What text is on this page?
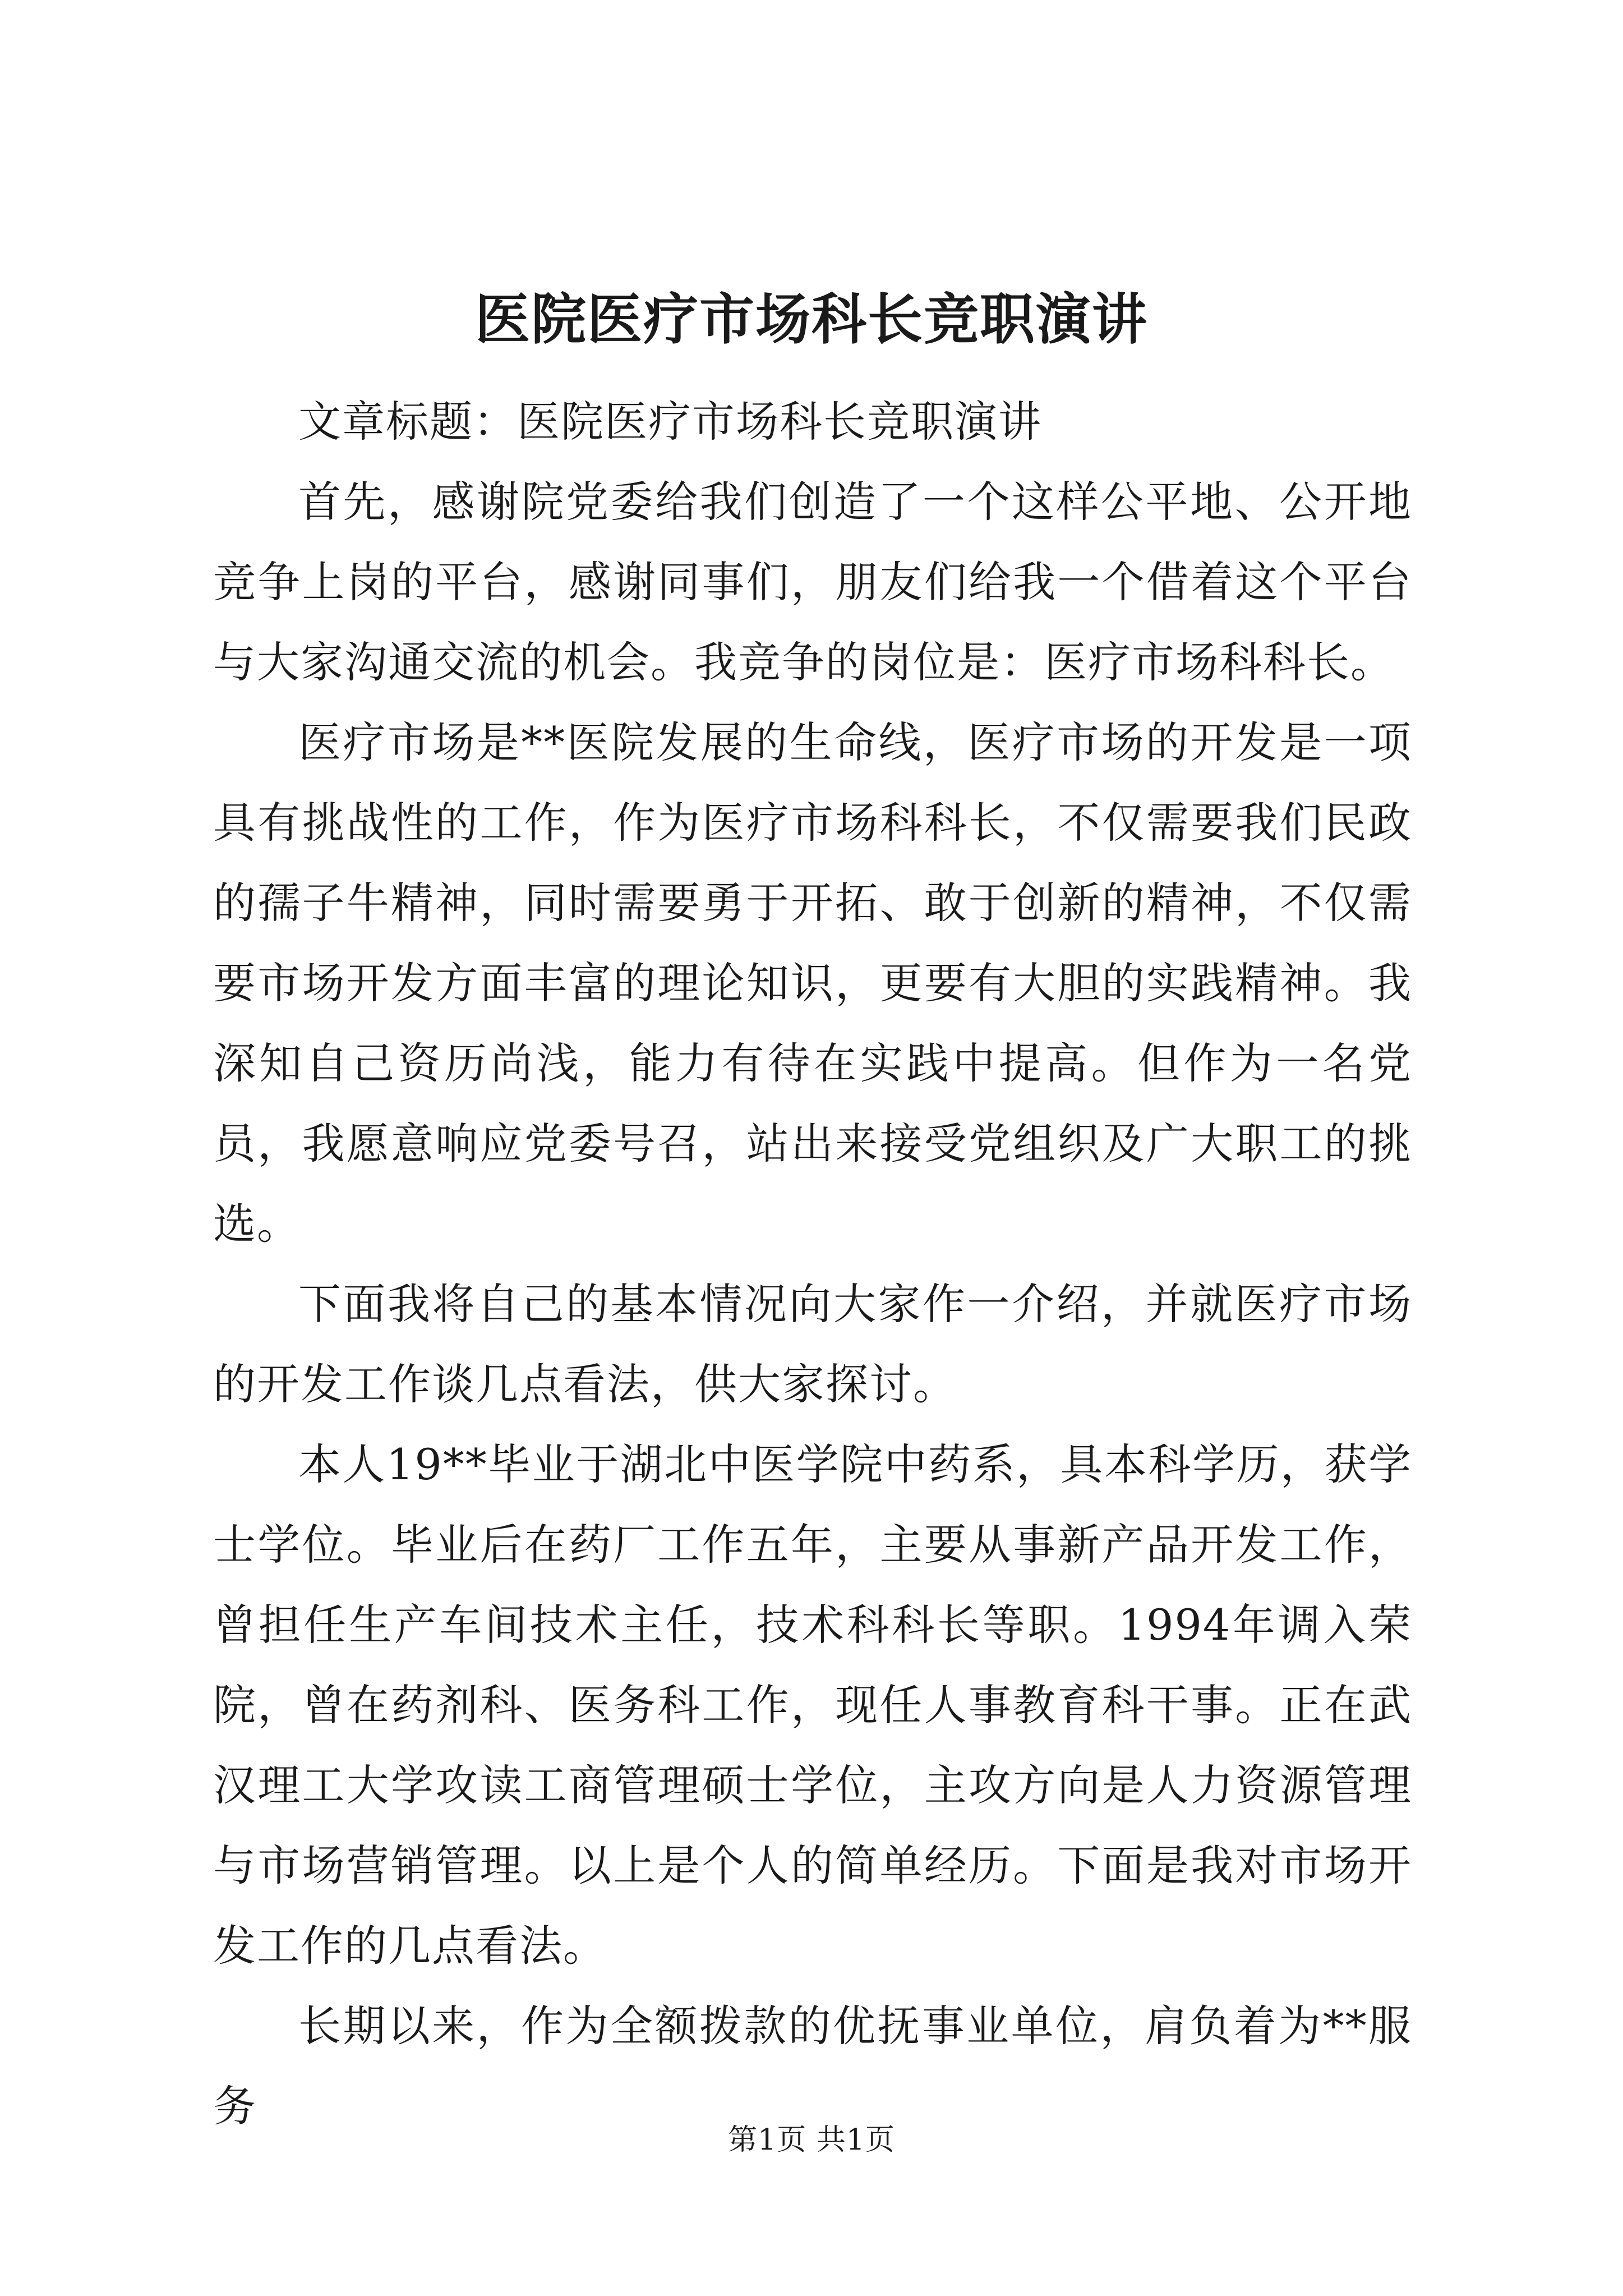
医院医疗市场科长竞职演讲

文章标题：医院医疗市场科长竞职演讲

首先，感谢院党委给我们创造了一个这样公平地、公开地竞争上岗的平台，感谢同事们，朋友们给我一个借着这个平台与大家沟通交流的机会。我竞争的岗位是：医疗市场科科长。

医疗市场是**医院发展的生命线，医疗市场的开发是一项具有挑战性的工作，作为医疗市场科科长，不仅需要我们民政的孺子牛精神，同时需要勇于开拓、敢于创新的精神，不仅需要市场开发方面丰富的理论知识，更要有大胆的实践精神。我深知自己资历尚浅，能力有待在实践中提高。但作为一名党员，我愿意响应党委号召，站出来接受党组织及广大职工的挑选。

下面我将自己的基本情况向大家作一介绍，并就医疗市场的开发工作谈几点看法，供大家探讨。

本人19**毕业于湖北中医学院中药系，具本科学历，获学士学位。毕业后在药厂工作五年，主要从事新产品开发工作，曾担任生产车间技术主任，技术科科长等职。1994年调入荣院，曾在药剂科、医务科工作，现任人事教育科干事。正在武汉理工大学攻读工商管理硕士学位，主攻方向是人力资源管理与市场营销管理。以上是个人的简单经历。下面是我对市场开发工作的几点看法。

长期以来，作为全额拨款的优抚事业单位，肩负着为**服务

第1页 共1页
